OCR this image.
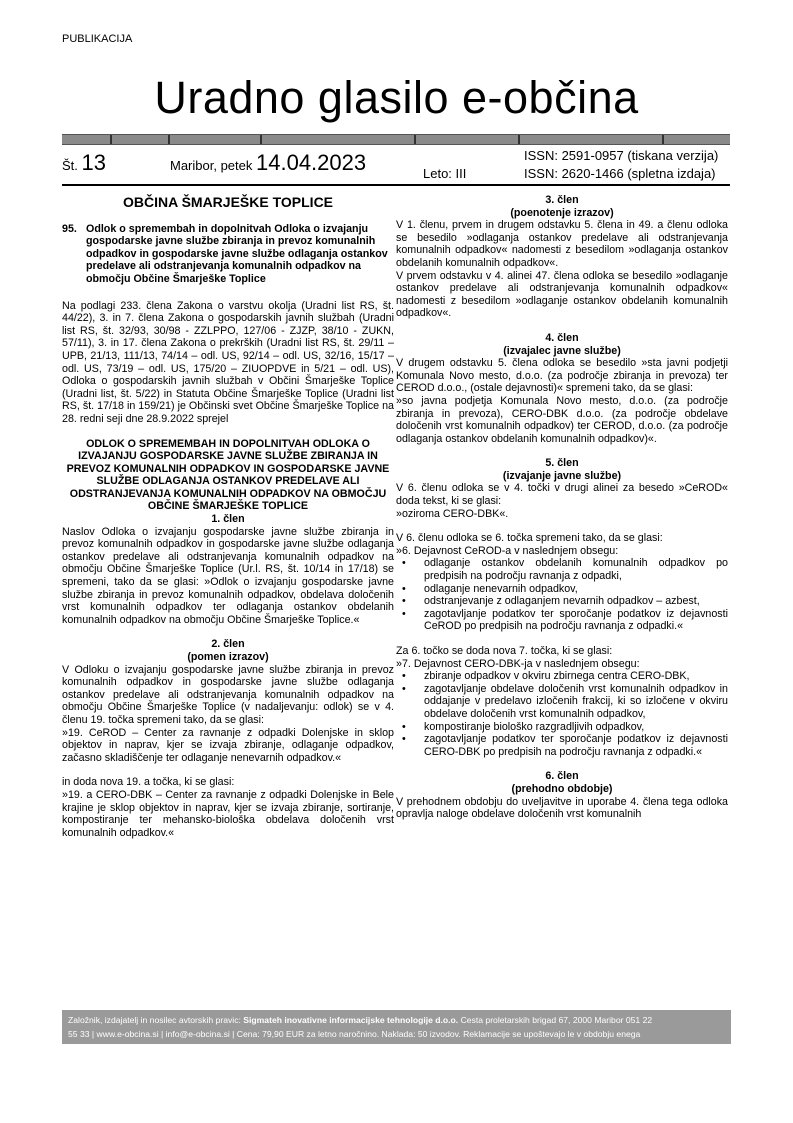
PUBLIKACIJA
Uradno glasilo e-občina
Št. 13	Maribor, petek 14.04.2023	Leto: III
ISSN: 2591-0957 (tiskana verzija)
ISSN: 2620-1466 (spletna izdaja)
OBČINA ŠMARJEŠKE TOPLICE
95. Odlok o spremembah in dopolnitvah Odloka o izvajanju gospodarske javne službe zbiranja in prevoz komunalnih odpadkov in gospodarske javne službe odlaganja ostankov predelave ali odstranjevanja komunalnih odpadkov na območju Občine Šmarješke Toplice

Na podlagi 233. člena Zakona o varstvu okolja (Uradni list RS, št. 44/22), 3. in 7. člena Zakona o gospodarskih javnih službah (Uradni list RS, št. 32/93, 30/98 - ZZLPPO, 127/06 - ZJZP, 38/10 - ZUKN, 57/11), 3. in 17. člena Zakona o prekrških (Uradni list RS, št. 29/11 – UPB, 21/13, 111/13, 74/14 – odl. US, 92/14 – odl. US, 32/16, 15/17 – odl. US, 73/19 – odl. US, 175/20 – ZIUOPDVE in 5/21 – odl. US), Odloka o gospodarskih javnih službah v Občini Šmarješke Toplice (Uradni list, št. 5/22) in Statuta Občine Šmarješke Toplice (Uradni list RS, št. 17/18 in 159/21) je Občinski svet Občine Šmarješke Toplice na 28. redni seji dne 28.9.2022 sprejel

ODLOK O SPREMEMBAH IN DOPOLNITVAH ODLOKA O IZVAJANJU GOSPODARSKE JAVNE SLUŽBE ZBIRANJA IN PREVOZ KOMUNALNIH ODPADKOV IN GOSPODARSKE JAVNE SLUŽBE ODLAGANJA OSTANKOV PREDELAVE ALI ODSTRANJEVANJA KOMUNALNIH ODPADKOV NA OBMOČJU OBČINE ŠMARJEŠKE TOPLICE

1. člen

Naslov Odloka o izvajanju gospodarske javne službe zbiranja in prevoz komunalnih odpadkov in gospodarske javne službe odlaganja ostankov predelave ali odstranjevanja komunalnih odpadkov na območju Občine Šmarješke Toplice (Ur.l. RS, št. 10/14 in 17/18) se spremeni, tako da se glasi: »Odlok o izvajanju gospodarske javne službe zbiranja in prevoz komunalnih odpadkov, obdelava določenih vrst komunalnih odpadkov ter odlaganja ostankov obdelanih komunalnih odpadkov na območju Občine Šmarješke Toplice.«

2. člen

(pomen izrazov)

V Odloku o izvajanju gospodarske javne službe zbiranja in prevoz komunalnih odpadkov in gospodarske javne službe odlaganja ostankov predelave ali odstranjevanja komunalnih odpadkov na območju Občine Šmarješke Toplice (v nadaljevanju: odlok) se v 4. členu 19. točka spremeni tako, da se glasi:

»19. CeROD – Center za ravnanje z odpadki Dolenjske in sklop objektov in naprav, kjer se izvaja zbiranje, odlaganje odpadkov, začasno skladiščenje ter odlaganje nenevarnih odpadkov.«

in doda nova 19. a točka, ki se glasi:

»19. a CERO-DBK – Center za ravnanje z odpadki Dolenjske in Bele krajine je sklop objektov in naprav, kjer se izvaja zbiranje, sortiranje, kompostiranje ter mehansko-biološka obdelava določenih vrst komunalnih odpadkov.«

3. člen

(poenotenje izrazov)

V 1. členu, prvem in drugem odstavku 5. člena in 49. a členu odloka se besedilo »odlaganja ostankov predelave ali odstranjevanja komunalnih odpadkov« nadomesti z besedilom »odlaganja ostankov obdelanih komunalnih odpadkov«.

V prvem odstavku v 4. alinei 47. člena odloka se besedilo »odlaganje ostankov predelave ali odstranjevanja komunalnih odpadkov« nadomesti z besedilom »odlaganje ostankov obdelanih komunalnih odpadkov«.

4. člen

(izvajalec javne službe)

V drugem odstavku 5. člena odloka se besedilo »sta javni podjetji Komunala Novo mesto, d.o.o. (za področje zbiranja in prevoza) ter CEROD d.o.o., (ostale dejavnosti)« spremeni tako, da se glasi:

»so javna podjetja Komunala Novo mesto, d.o.o. (za področje zbiranja in prevoza), CERO-DBK d.o.o. (za področje obdelave določenih vrst komunalnih odpadkov) ter CEROD, d.o.o. (za področje odlaganja ostankov obdelanih komunalnih odpadkov)«.

5. člen

(izvajanje javne službe)

V 6. členu odloka se v 4. točki v drugi alinei za besedo »CeROD« doda tekst, ki se glasi:

»oziroma CERO-DBK«.

V 6. členu odloka se 6. točka spremeni tako, da se glasi:

»6. Dejavnost CeROD-a v naslednjem obsegu:

• odlaganje ostankov obdelanih komunalnih odpadkov po predpisih na področju ravnanja z odpadki,
• odlaganje nenevarnih odpadkov,
• odstranjevanje z odlaganjem nevarnih odpadkov – azbest,
• zagotavljanje podatkov ter sporočanje podatkov iz dejavnosti CeROD po predpisih na področju ravnanja z odpadki.«

Za 6. točko se doda nova 7. točka, ki se glasi:

»7. Dejavnost CERO-DBK-ja v naslednjem obsegu:

• zbiranje odpadkov v okviru zbirnega centra CERO-DBK,
• zagotavljanje obdelave določenih vrst komunalnih odpadkov in oddajanje v predelavo izločenih frakcij, ki so izločene v okviru obdelave določenih vrst komunalnih odpadkov,
• kompostiranje biološko razgradljivih odpadkov,
• zagotavljanje podatkov ter sporočanje podatkov iz dejavnosti CERO-DBK po predpisih na področju ravnanja z odpadki.«

6. člen

(prehodno obdobje)

V prehodnem obdobju do uveljavitve in uporabe 4. člena tega odloka opravlja naloge obdelave določenih vrst komunalnih

Založnik, izdajatelj in nosilec avtorskih pravic: Sigmateh inovativne informacijske tehnologije d.o.o. Cesta proletarskih brigad 67, 2000 Maribor 051 22
55 33 | www.e-obcina.si | info@e-obcina.si | Cena: 79,90 EUR za letno naročnino. Naklada: 50 izvodov. Reklamacije se upoštevajo le v obdobju enega
